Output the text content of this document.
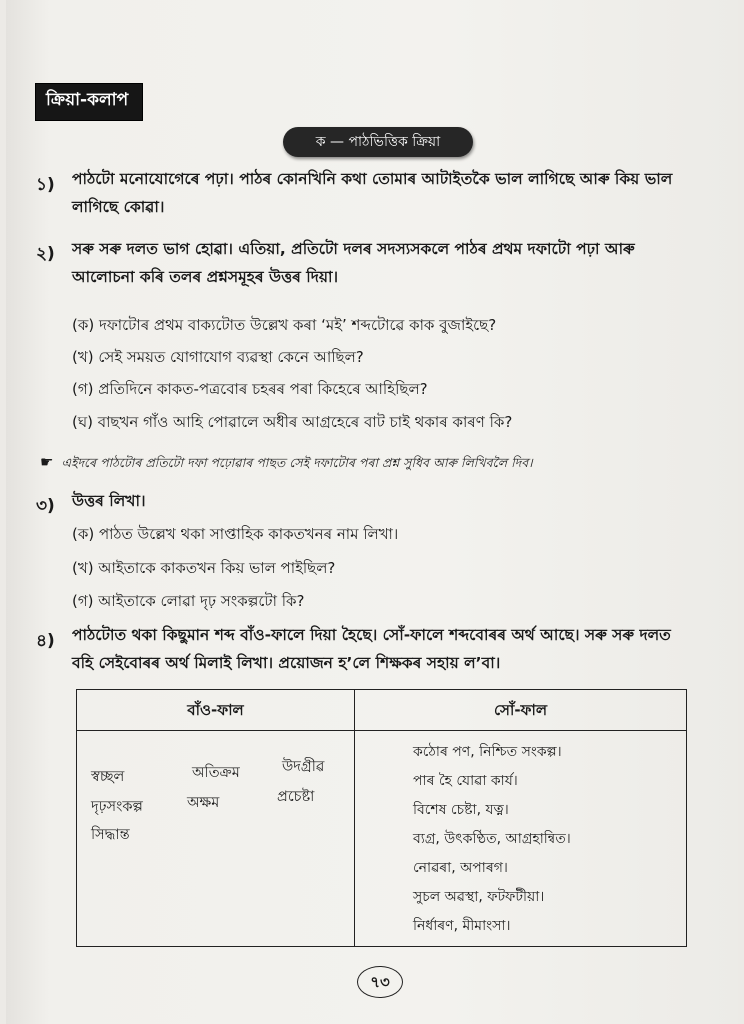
ক্ৰিয়া-কলাপ
ক — পাঠভিত্তিক ক্ৰিয়া
১) পাঠটো মনোযোগেৰে পঢ়া। পাঠৰ কোনখিনি কথা তোমাৰ আটাইতকৈ ভাল লাগিছে আৰু কিয় ভাল লাগিছে কোৱা।
২) সৰু সৰু দলত ভাগ হোৱা। এতিয়া, প্ৰতিটো দলৰ সদস্যসকলে পাঠৰ প্ৰথম দফাটো পঢ়া আৰু আলোচনা কৰি তলৰ প্ৰশ্নসমূহৰ উত্তৰ দিয়া।
(ক) দফাটোৰ প্ৰথম বাক্যটোত উল্লেখ কৰা ‘মই’ শব্দটোৱে কাক বুজাইছে?
(খ) সেই সময়ত যোগাযোগ ব্যৱস্থা কেনে আছিল?
(গ) প্ৰতিদিনে কাকত-পত্ৰবোৰ চহৰৰ পৰা কিহেৰে আহিছিল?
(ঘ) বাছখন গাঁও আহি পোৱালে অধীৰ আগ্ৰহেৰে বাট চাই থকাৰ কাৰণ কি?
☛ এইদৰে পাঠটোৰ প্ৰতিটো দফা পঢ়োৱাৰ পাছত সেই দফাটোৰ পৰা প্ৰশ্ন সুধিব আৰু লিখিবলৈ দিব।
৩) উত্তৰ লিখা।
(ক) পাঠত উল্লেখ থকা সাপ্তাহিক কাকতখনৰ নাম লিখা।
(খ) আইতাকে কাকতখন কিয় ভাল পাইছিল?
(গ) আইতাকে লোৱা দৃঢ় সংকল্পটো কি?
৪) পাঠটোত থকা কিছুমান শব্দ বাঁও-ফালে দিয়া হৈছে। সোঁ-ফালে শব্দবোৰৰ অৰ্থ আছে। সৰু সৰু দলত বহি সেইবোৰৰ অৰ্থ মিলাই লিখা। প্ৰয়োজন হ’লে শিক্ষকৰ সহায় ল’বা।
বাঁও-ফাল
স্বচ্ছল	অতিক্ৰম	উদগ্ৰীৱ
দৃঢ়সংকল্প	অক্ষম	প্ৰচেষ্টা
সিদ্ধান্ত
সোঁ-ফাল
কঠোৰ পণ, নিশ্চিত সংকল্প।
পাৰ হৈ যোৱা কাৰ্য।
বিশেষ চেষ্টা, যত্ন।
ব্যগ্ৰ, উৎকণ্ঠিত, আগ্ৰহান্বিত।
নোৱৰা, অপাৰগ।
সুচল অৱস্থা, ফটফটীয়া।
নিৰ্ধাৰণ, মীমাংসা।
৭৩
